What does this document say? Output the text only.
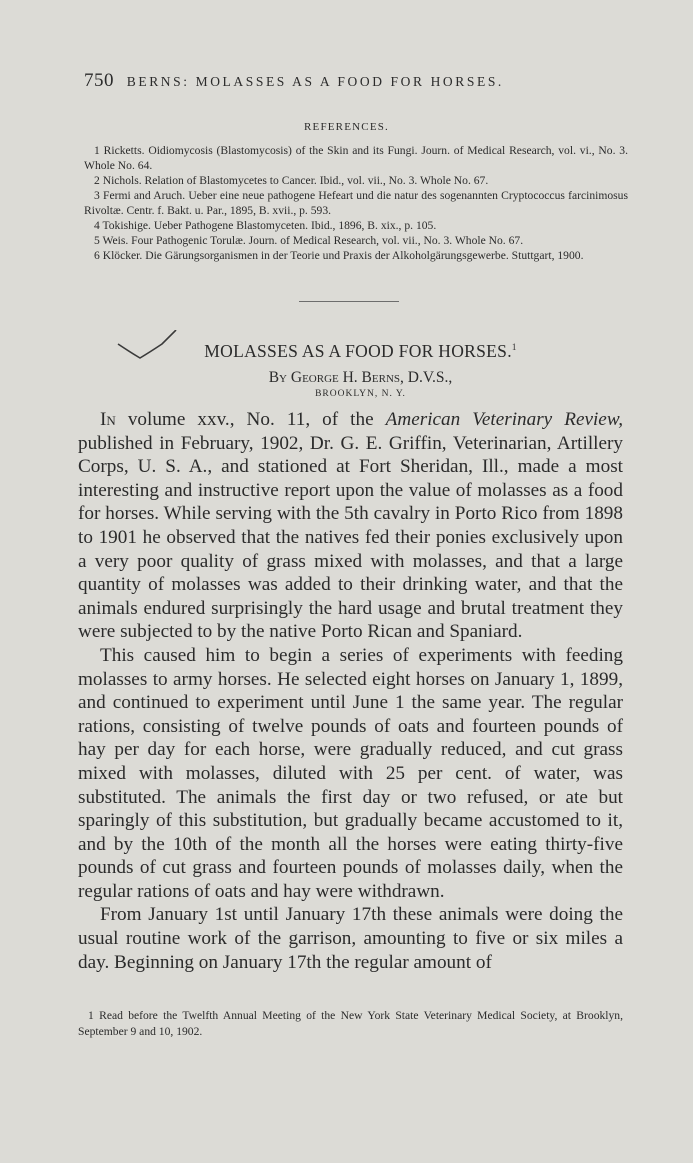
750 BERNS: MOLASSES AS A FOOD FOR HORSES.
REFERENCES.
1 Ricketts. Oidiomycosis (Blastomycosis) of the Skin and its Fungi. Journ. of Medical Research, vol. vi., No. 3. Whole No. 64.
2 Nichols. Relation of Blastomycetes to Cancer. Ibid., vol. vii., No. 3. Whole No. 67.
3 Fermi and Aruch. Ueber eine neue pathogene Hefeart und die natur des sogenannten Cryptococcus farcinimosus Rivoltæ. Centr. f. Bakt. u. Par., 1895, B. xvii., p. 593.
4 Tokishige. Ueber Pathogene Blastomyceten. Ibid., 1896, B. xix., p. 105.
5 Weis. Four Pathogenic Torulæ. Journ. of Medical Research, vol. vii., No. 3. Whole No. 67.
6 Klöcker. Die Gärungsorganismen in der Teorie und Praxis der Alkoholgärungsgewerbe. Stuttgart, 1900.
MOLASSES AS A FOOD FOR HORSES.$^1$
By George H. Berns, D.V.S.,
BROOKLYN, N. Y.

In volume xxv., No. 11, of the American Veterinary Review, published in February, 1902, Dr. G. E. Griffin, Veterinarian, Artillery Corps, U. S. A., and stationed at Fort Sheridan, Ill., made a most interesting and instructive report upon the value of molasses as a food for horses. While serving with the 5th cavalry in Porto Rico from 1898 to 1901 he observed that the natives fed their ponies exclusively upon a very poor quality of grass mixed with molasses, and that a large quantity of molasses was added to their drinking water, and that the animals endured surprisingly the hard usage and brutal treatment they were subjected to by the native Porto Rican and Spaniard.

This caused him to begin a series of experiments with feeding molasses to army horses. He selected eight horses on January 1, 1899, and continued to experiment until June 1 the same year. The regular rations, consisting of twelve pounds of oats and fourteen pounds of hay per day for each horse, were gradually reduced, and cut grass mixed with molasses, diluted with 25 per cent. of water, was substituted. The animals the first day or two refused, or ate but sparingly of this substitution, but gradually became accustomed to it, and by the 10th of the month all the horses were eating thirty-five pounds of cut grass and fourteen pounds of molasses daily, when the regular rations of oats and hay were withdrawn.

From January 1st until January 17th these animals were doing the usual routine work of the garrison, amounting to five or six miles a day. Beginning on January 17th the regular amount of

1 Read before the Twelfth Annual Meeting of the New York State Veterinary Medical Society, at Brooklyn, September 9 and 10, 1902.
